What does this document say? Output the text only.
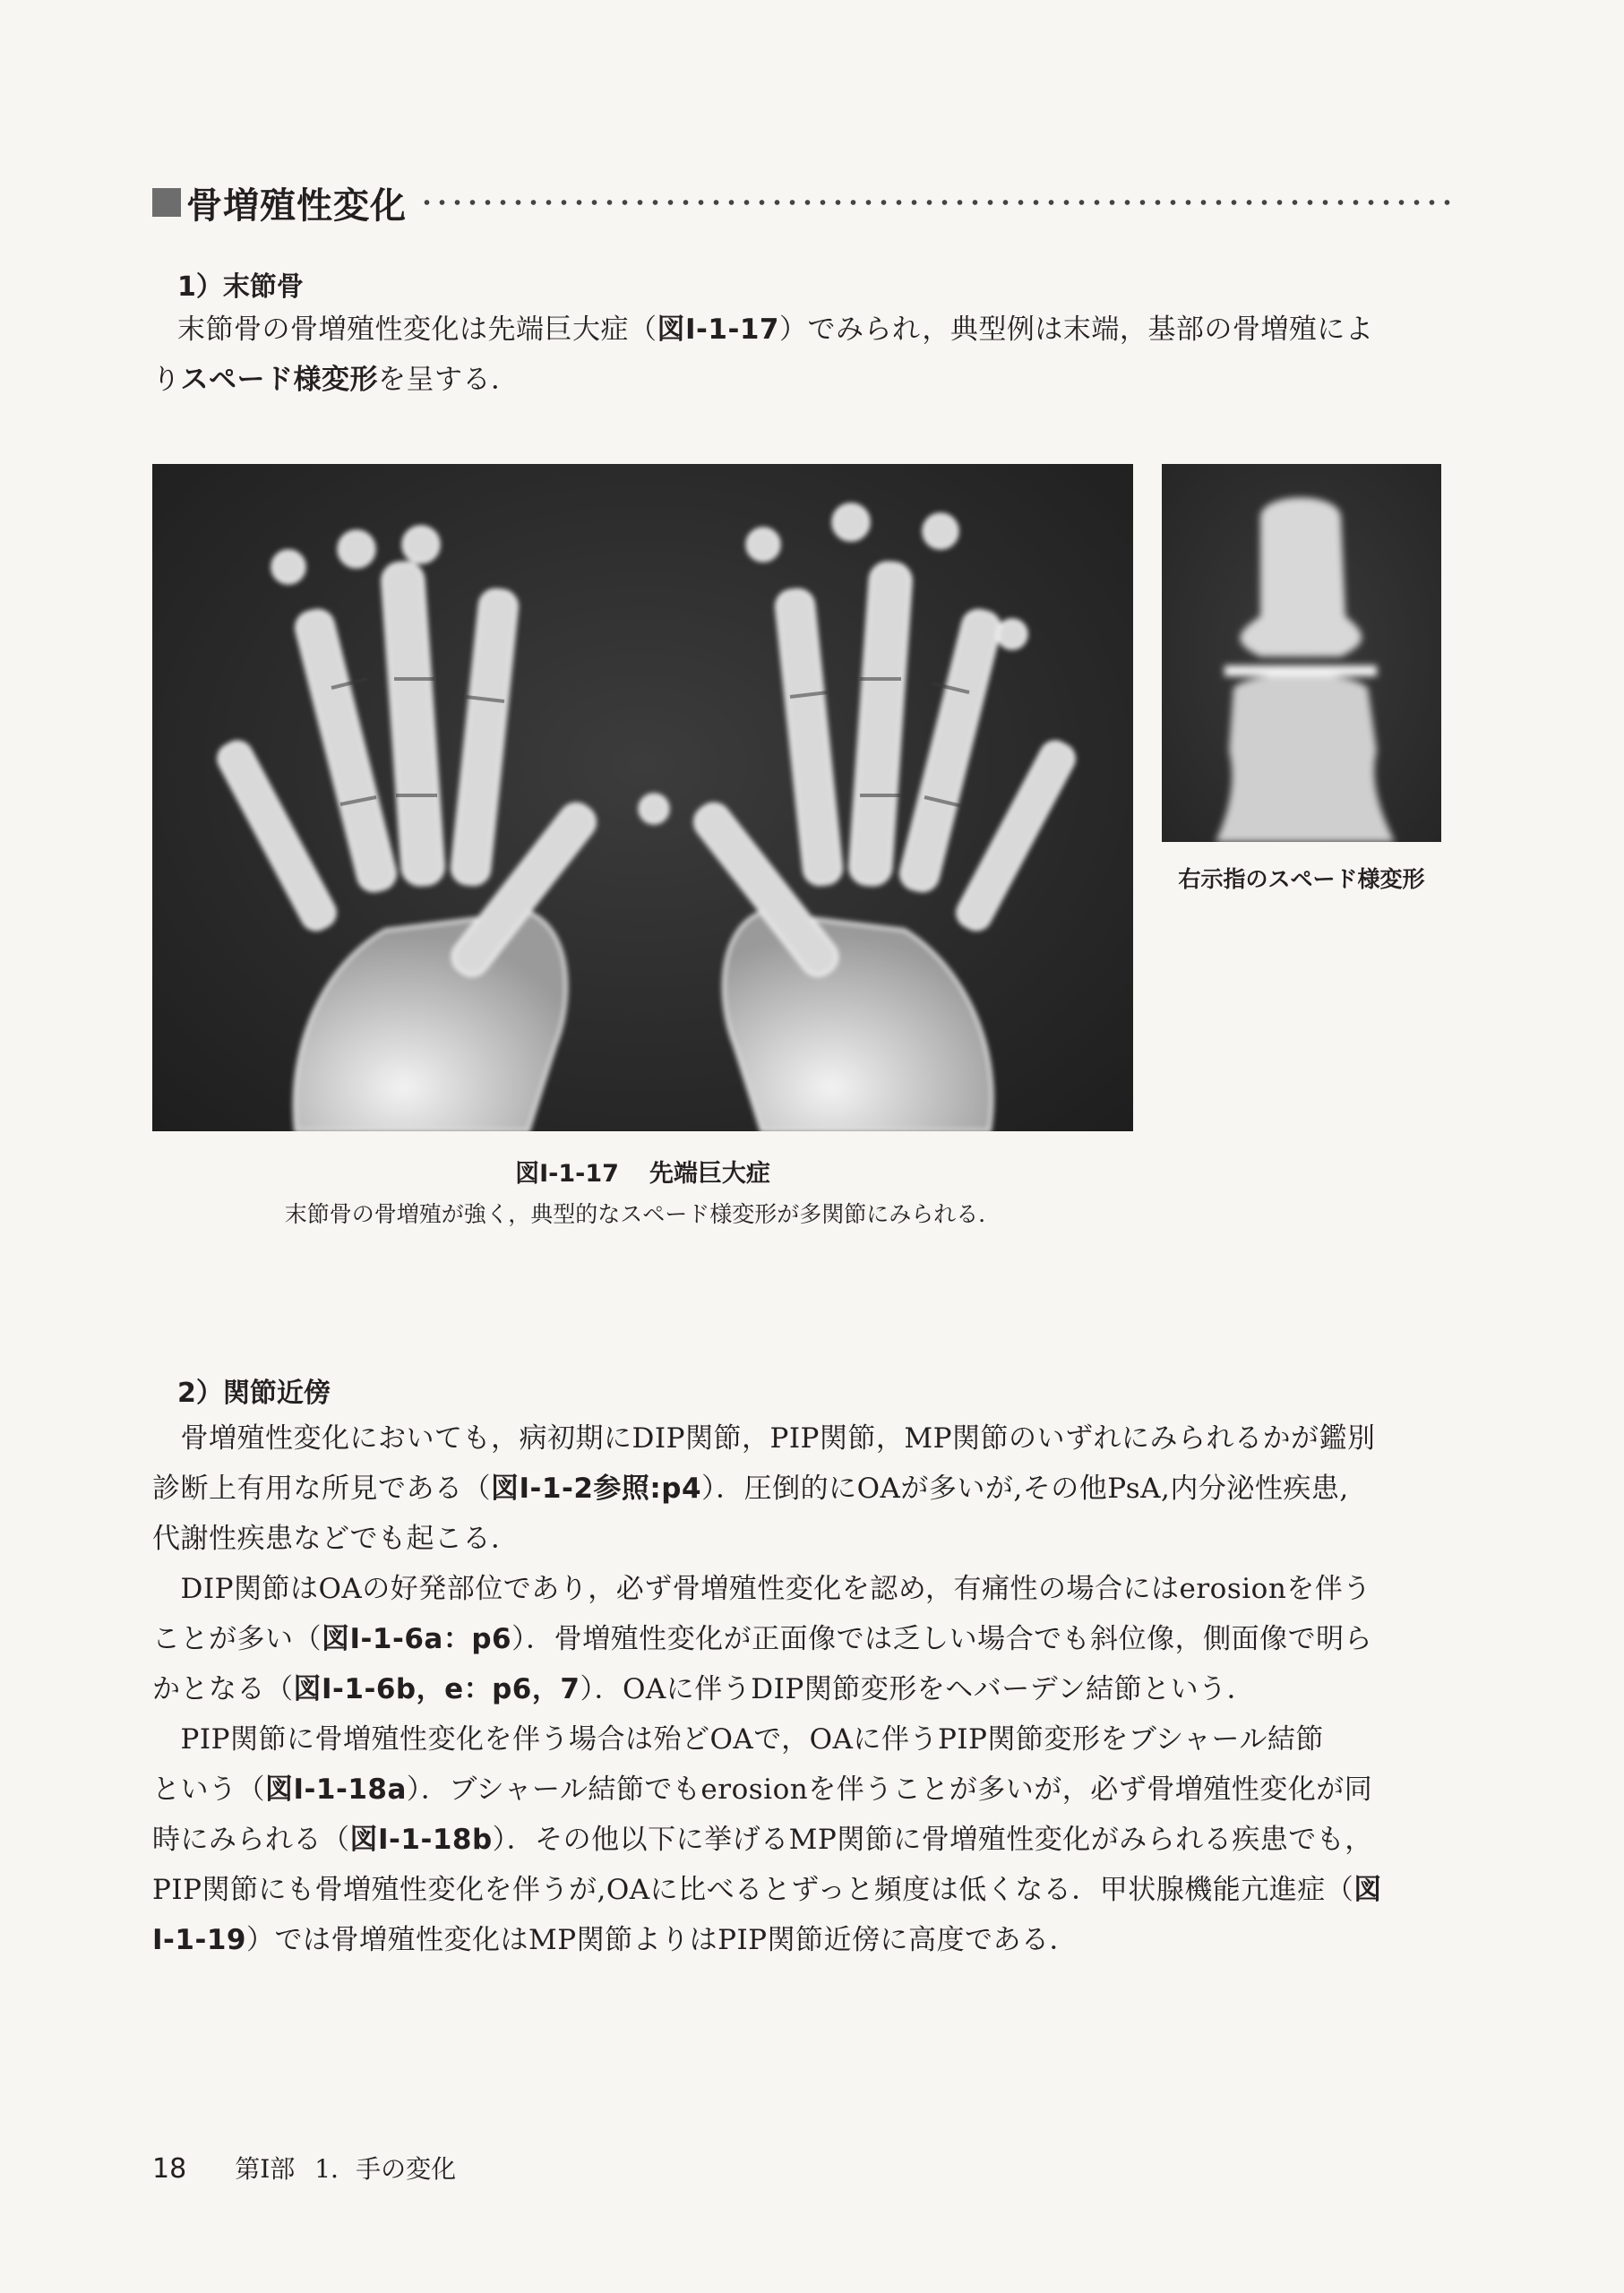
骨増殖性変化
1）末節骨
末節骨の骨増殖性変化は先端巨大症（図Ⅰ-1-17）でみられ，典型例は末端，基部の骨増殖によ
りスペード様変形を呈する．
右示指のスペード様変形
図Ⅰ-1-17 先端巨大症
末節骨の骨増殖が強く，典型的なスペード様変形が多関節にみられる．
2）関節近傍
　骨増殖性変化においても，病初期にDIP関節，PIP関節，MP関節のいずれにみられるかが鑑別
診断上有用な所見である（図Ⅰ-1-2参照:p4）．圧倒的にOAが多いが,その他PsA,内分泌性疾患,
代謝性疾患などでも起こる．
　DIP関節はOAの好発部位であり，必ず骨増殖性変化を認め，有痛性の場合にはerosionを伴う
ことが多い（図Ⅰ-1-6a：p6）．骨増殖性変化が正面像では乏しい場合でも斜位像，側面像で明ら
かとなる（図Ⅰ-1-6b，e：p6，7）．OAに伴うDIP関節変形をヘバーデン結節という．
　PIP関節に骨増殖性変化を伴う場合は殆どOAで，OAに伴うPIP関節変形をブシャール結節
という（図Ⅰ-1-18a）．ブシャール結節でもerosionを伴うことが多いが，必ず骨増殖性変化が同
時にみられる（図Ⅰ-1-18b）．その他以下に挙げるMP関節に骨増殖性変化がみられる疾患でも，
PIP関節にも骨増殖性変化を伴うが,OAに比べるとずっと頻度は低くなる．甲状腺機能亢進症（図
Ⅰ-1-19）では骨増殖性変化はMP関節よりはPIP関節近傍に高度である．
18 第Ⅰ部 1．手の変化
